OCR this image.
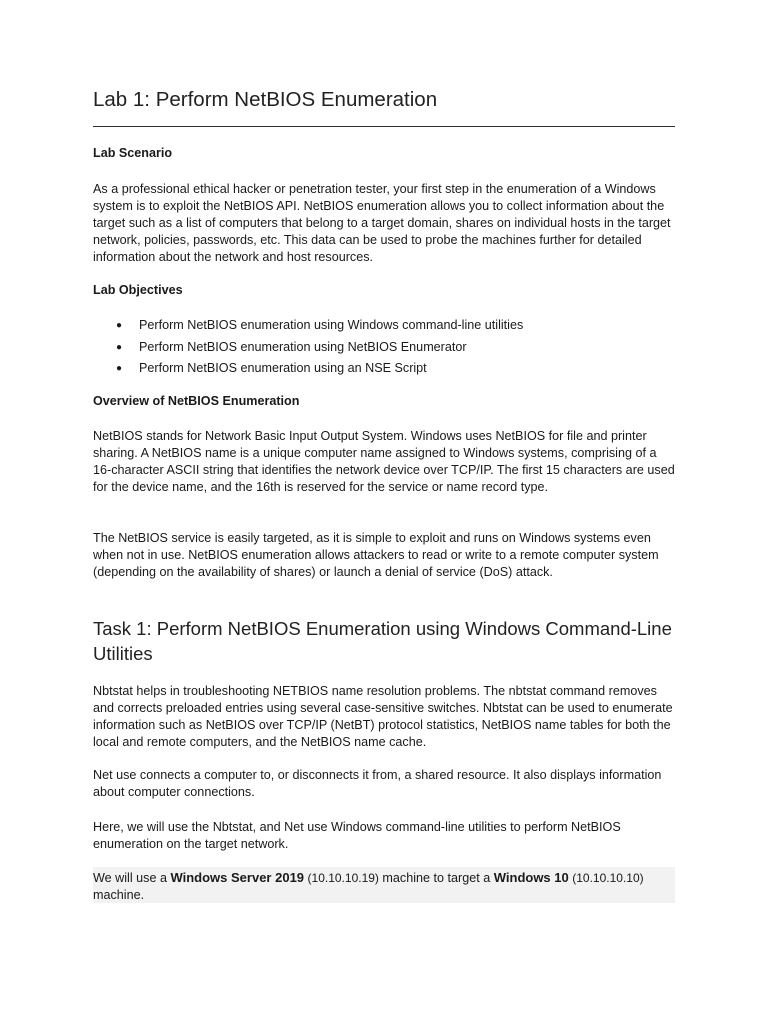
Lab 1: Perform NetBIOS Enumeration
Lab Scenario

As a professional ethical hacker or penetration tester, your first step in the enumeration of a Windows system is to exploit the NetBIOS API. NetBIOS enumeration allows you to collect information about the target such as a list of computers that belong to a target domain, shares on individual hosts in the target network, policies, passwords, etc. This data can be used to probe the machines further for detailed information about the network and host resources.

Lab Objectives
● Perform NetBIOS enumeration using Windows command-line utilities
● Perform NetBIOS enumeration using NetBIOS Enumerator
● Perform NetBIOS enumeration using an NSE Script
Overview of NetBIOS Enumeration

NetBIOS stands for Network Basic Input Output System. Windows uses NetBIOS for file and printer sharing. A NetBIOS name is a unique computer name assigned to Windows systems, comprising of a 16-character ASCII string that identifies the network device over TCP/IP. The first 15 characters are used for the device name, and the 16th is reserved for the service or name record type.

The NetBIOS service is easily targeted, as it is simple to exploit and runs on Windows systems even when not in use. NetBIOS enumeration allows attackers to read or write to a remote computer system (depending on the availability of shares) or launch a denial of service (DoS) attack.

Task 1: Perform NetBIOS Enumeration using Windows Command-Line Utilities

Nbtstat helps in troubleshooting NETBIOS name resolution problems. The nbtstat command removes and corrects preloaded entries using several case-sensitive switches. Nbtstat can be used to enumerate information such as NetBIOS over TCP/IP (NetBT) protocol statistics, NetBIOS name tables for both the local and remote computers, and the NetBIOS name cache.

Net use connects a computer to, or disconnects it from, a shared resource. It also displays information about computer connections.

Here, we will use the Nbtstat, and Net use Windows command-line utilities to perform NetBIOS enumeration on the target network.

We will use a Windows Server 2019 (10.10.10.19) machine to target a Windows 10 (10.10.10.10)
machine.
